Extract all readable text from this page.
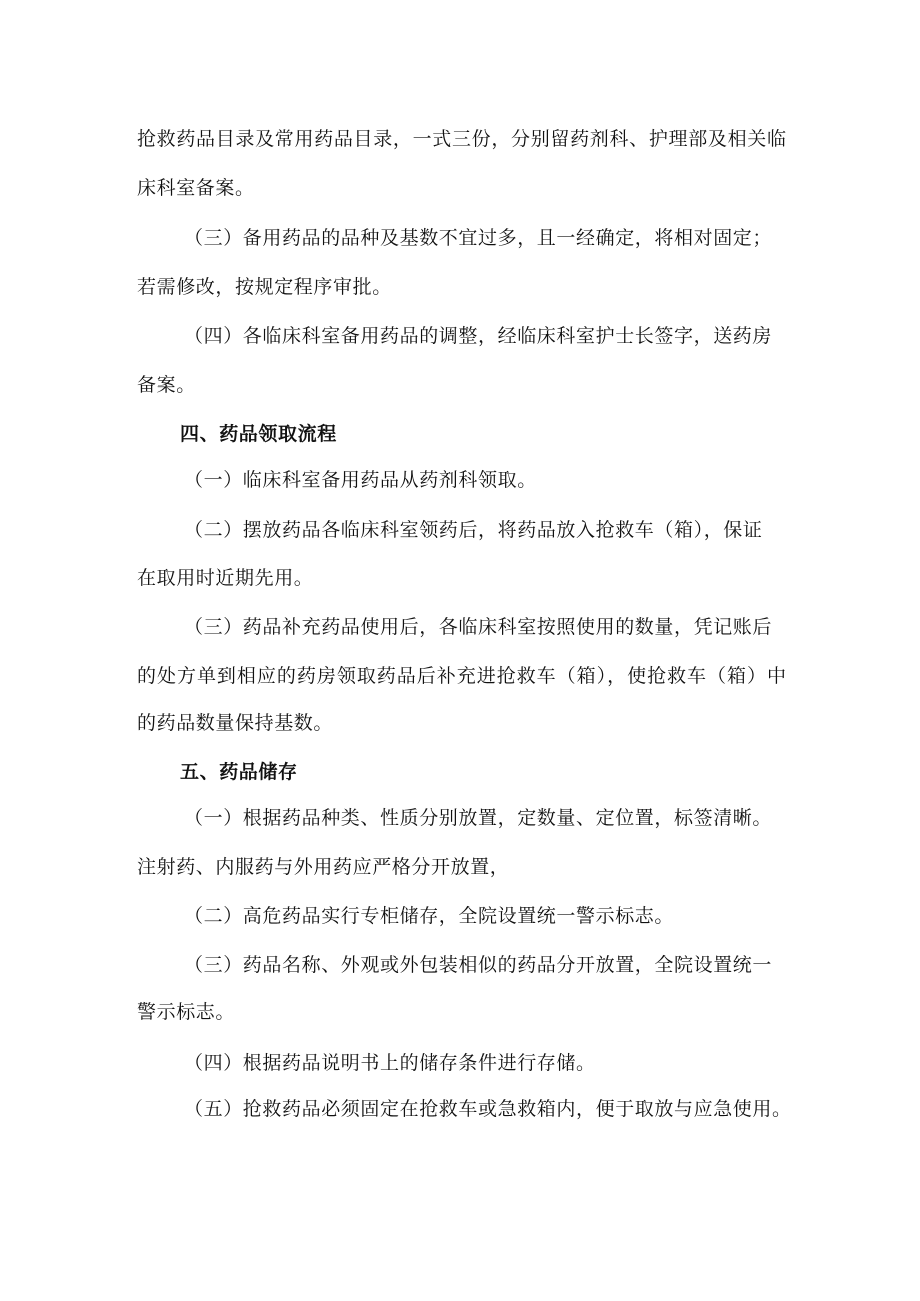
抢救药品目录及常用药品目录，一式三份，分别留药剂科、护理部及相关临
床科室备案。
（三）备用药品的品种及基数不宜过多，且一经确定，将相对固定；
若需修改，按规定程序审批。
（四）各临床科室备用药品的调整，经临床科室护士长签字，送药房
备案。
四、药品领取流程
（一）临床科室备用药品从药剂科领取。
（二）摆放药品各临床科室领药后，将药品放入抢救车（箱），保证
在取用时近期先用。
（三）药品补充药品使用后，各临床科室按照使用的数量，凭记账后
的处方单到相应的药房领取药品后补充进抢救车（箱），使抢救车（箱）中
的药品数量保持基数。
五、药品储存
（一）根据药品种类、性质分别放置，定数量、定位置，标签清晰。
注射药、内服药与外用药应严格分开放置，
（二）高危药品实行专柜储存，全院设置统一警示标志。
（三）药品名称、外观或外包装相似的药品分开放置，全院设置统一
警示标志。
（四）根据药品说明书上的储存条件进行存储。
（五）抢救药品必须固定在抢救车或急救箱内，便于取放与应急使用。
